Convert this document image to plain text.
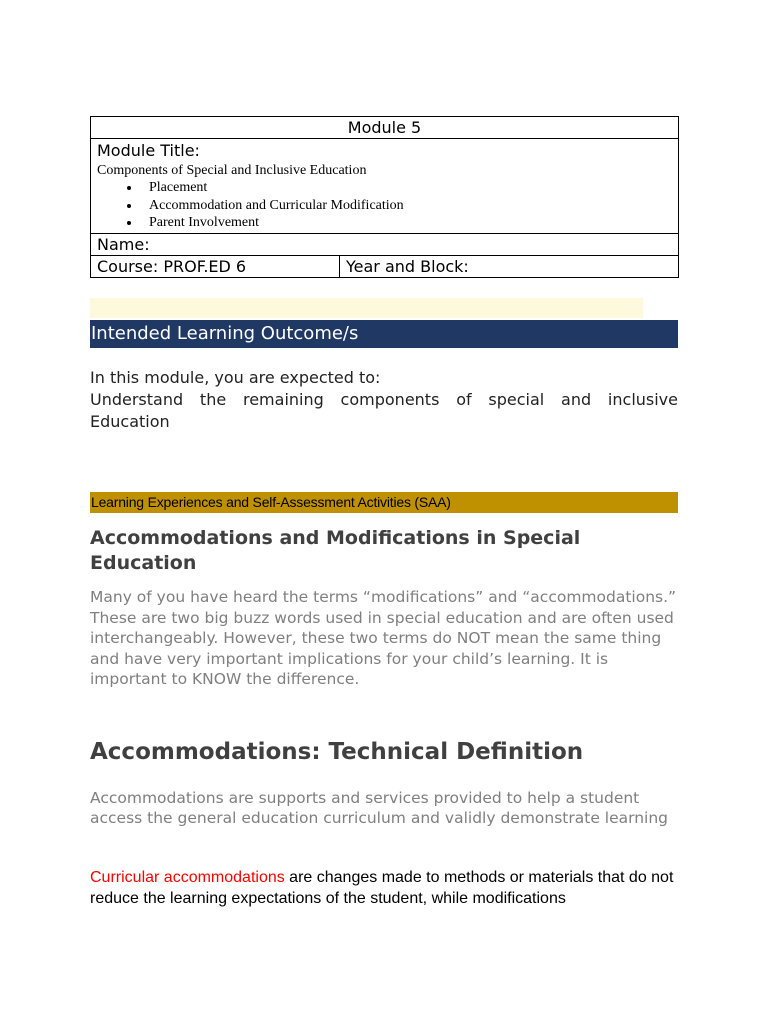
Module 5

Module Title:
Components of Special and Inclusive Education
• Placement
• Accommodation and Curricular Modification
• Parent Involvement

Name:
Course: PROF.ED 6	Year and Block:
Intended Learning Outcome/s

In this module, you are expected to:

Understand the remaining components of special and inclusive Education

Learning Experiences and Self-Assessment Activities (SAA)
Accommodations and Modifications in Special Education

Many of you have heard the terms “modifications” and “accommodations.” These are two big buzz words used in special education and are often used interchangeably. However, these two terms do NOT mean the same thing and have very important implications for your child’s learning. It is important to KNOW the difference.

Accommodations: Technical Definition

Accommodations are supports and services provided to help a student access the general education curriculum and validly demonstrate learning

Curricular accommodations are changes made to methods or materials that do not reduce the learning expectations of the student, while modifications
